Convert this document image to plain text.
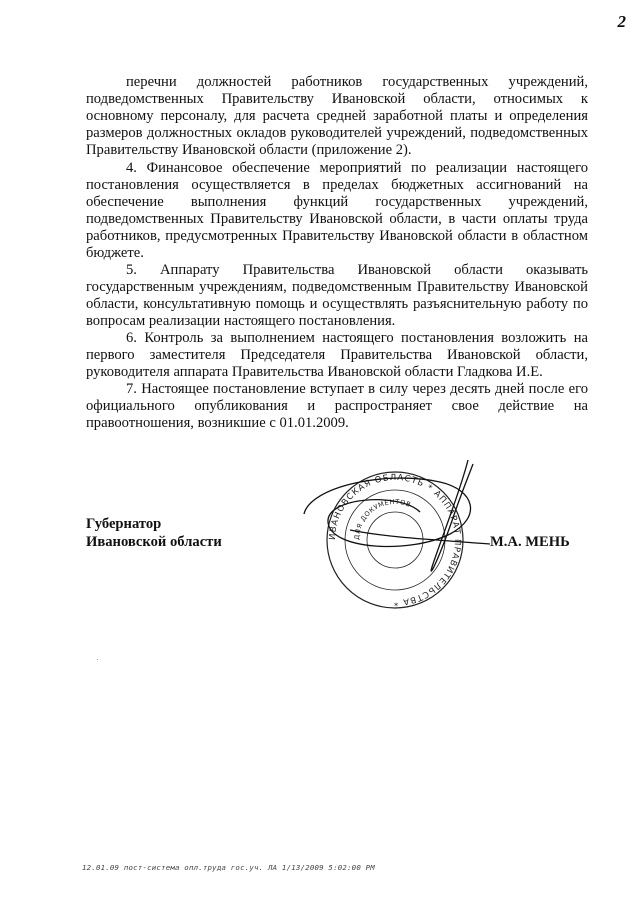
2

перечни должностей работников государственных учреждений, подведомственных Правительству Ивановской области, относимых к основному персоналу, для расчета средней заработной платы и определения размеров должностных окладов руководителей учреждений, подведомственных Правительству Ивановской области (приложение 2).

4. Финансовое обеспечение мероприятий по реализации настоящего постановления осуществляется в пределах бюджетных ассигнований на обеспечение выполнения функций государственных учреждений, подведомственных Правительству Ивановской области, в части оплаты труда работников, предусмотренных Правительству Ивановской области в областном бюджете.

5. Аппарату Правительства Ивановской области оказывать государственным учреждениям, подведомственным Правительству Ивановской области, консультативную помощь и осуществлять разъяснительную работу по вопросам реализации настоящего постановления.

6. Контроль за выполнением настоящего постановления возложить на первого заместителя Председателя Правительства Ивановской области, руководителя аппарата Правительства Ивановской области Гладкова И.Е.

7. Настоящее постановление вступает в силу через десять дней после его официального опубликования и распространяет свое действие на правоотношения, возникшие с 01.01.2009.

Губернатор
Ивановской области	ИВАНОВСКАЯ ОБЛАСТЬ * АППАРАТ ПРАВИТЕЛЬСТВА *
ДЛЯ ДОКУМЕНТОВ
М.А. МЕНЬ
12.01.09 пост-система опл.труда гос.уч. ЛА 1/13/2009 5:02:00 PM
